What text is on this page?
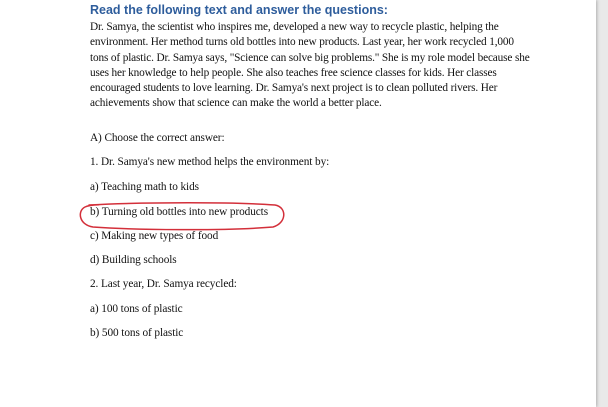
Read the following text and answer the questions:

Dr. Samya, the scientist who inspires me, developed a new way to recycle plastic, helping the environment. Her method turns old bottles into new products. Last year, her work recycled 1,000 tons of plastic. Dr. Samya says, "Science can solve big problems." She is my role model because she uses her knowledge to help people. She also teaches free science classes for kids. Her classes encouraged students to love learning. Dr. Samya's next project is to clean polluted rivers. Her achievements show that science can make the world a better place.

A) Choose the correct answer:
1. Dr. Samya's new method helps the environment by:
a) Teaching math to kids
b) Turning old bottles into new products
c) Making new types of food
d) Building schools
2. Last year, Dr. Samya recycled:
a) 100 tons of plastic
b) 500 tons of plastic
